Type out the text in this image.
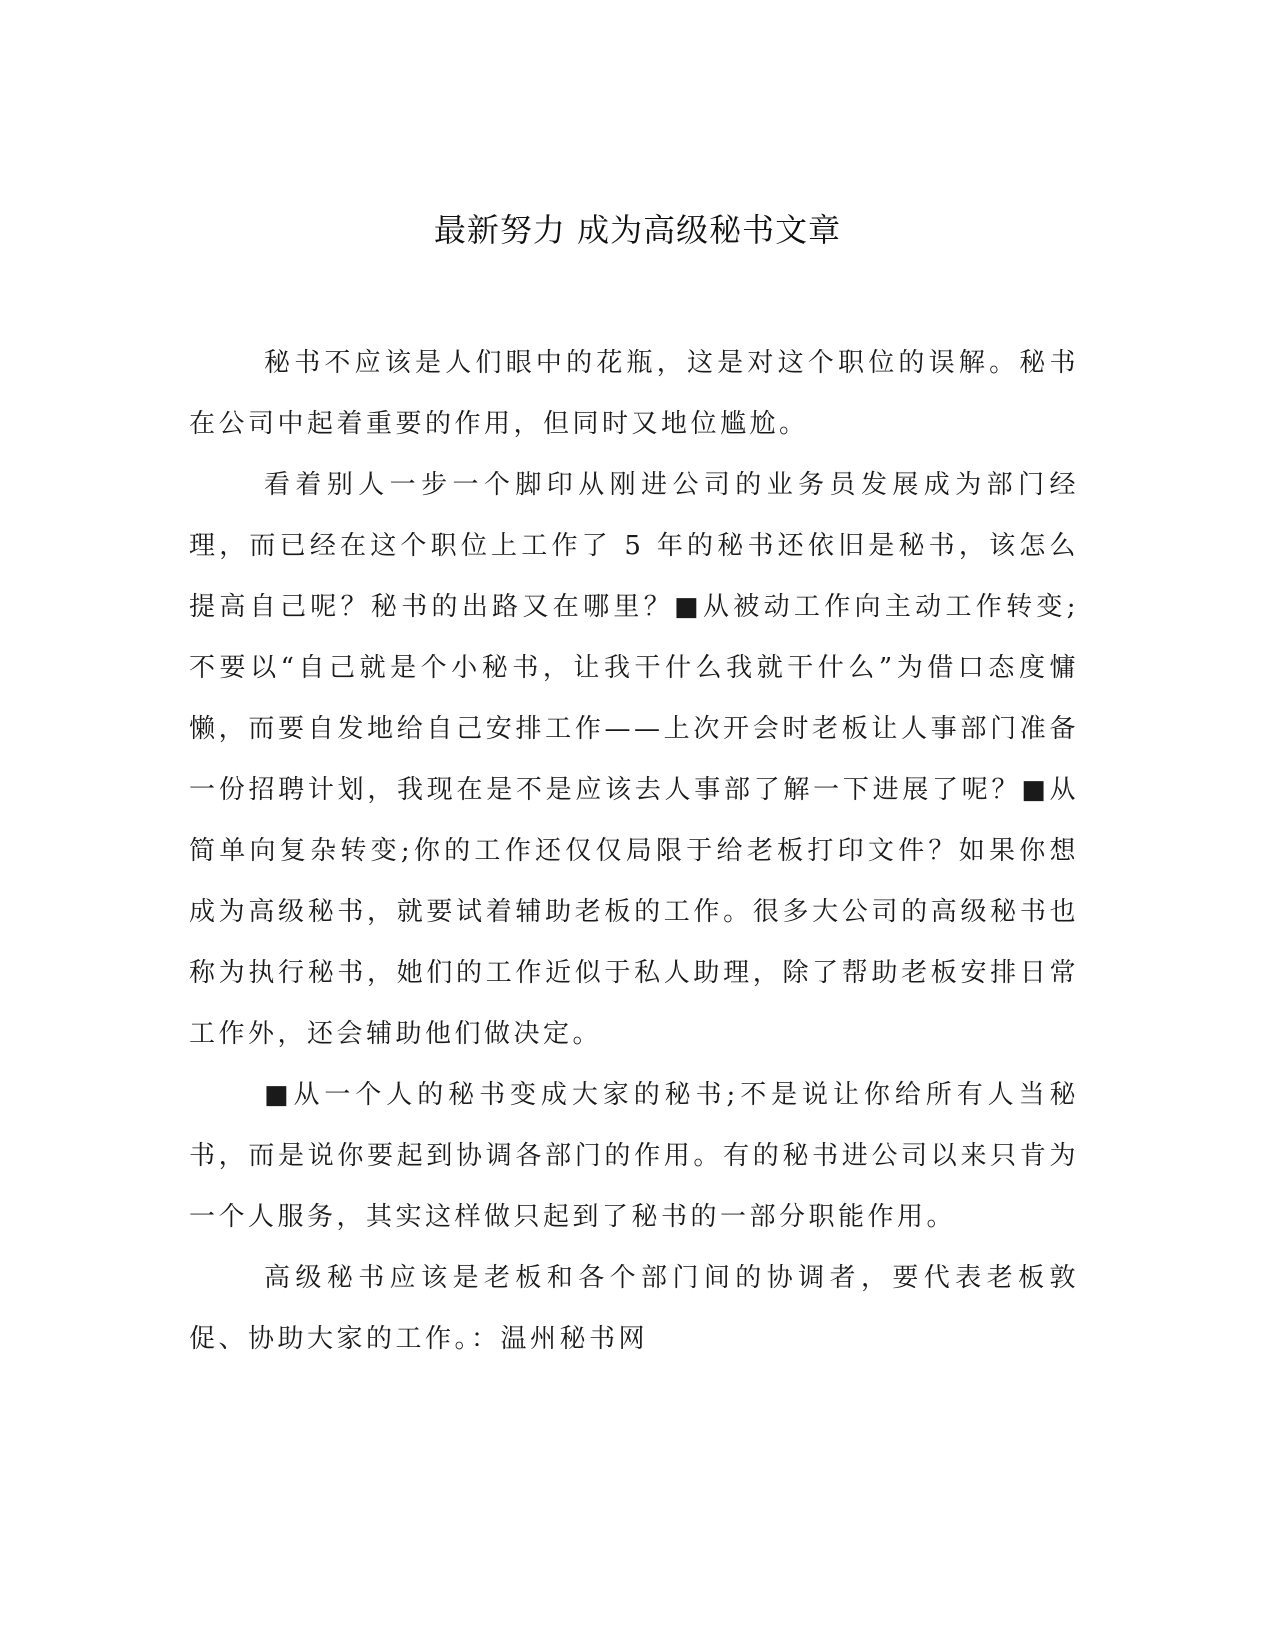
最新努力 成为高级秘书文章

秘书不应该是人们眼中的花瓶，这是对这个职位的误解。秘书在公司中起着重要的作用，但同时又地位尴尬。

看着别人一步一个脚印从刚进公司的业务员发展成为部门经理，而已经在这个职位上工作了 5 年的秘书还依旧是秘书，该怎么提高自己呢？秘书的出路又在哪里？■从被动工作向主动工作转变;不要以“自己就是个小秘书，让我干什么我就干什么”为借口态度慵懒，而要自发地给自己安排工作——上次开会时老板让人事部门准备一份招聘计划，我现在是不是应该去人事部了解一下进展了呢？■从简单向复杂转变;你的工作还仅仅局限于给老板打印文件？如果你想成为高级秘书，就要试着辅助老板的工作。很多大公司的高级秘书也称为执行秘书，她们的工作近似于私人助理，除了帮助老板安排日常工作外，还会辅助他们做决定。

■从一个人的秘书变成大家的秘书;不是说让你给所有人当秘书，而是说你要起到协调各部门的作用。有的秘书进公司以来只肯为一个人服务，其实这样做只起到了秘书的一部分职能作用。

高级秘书应该是老板和各个部门间的协调者，要代表老板敦促、协助大家的工作。：温州秘书网
